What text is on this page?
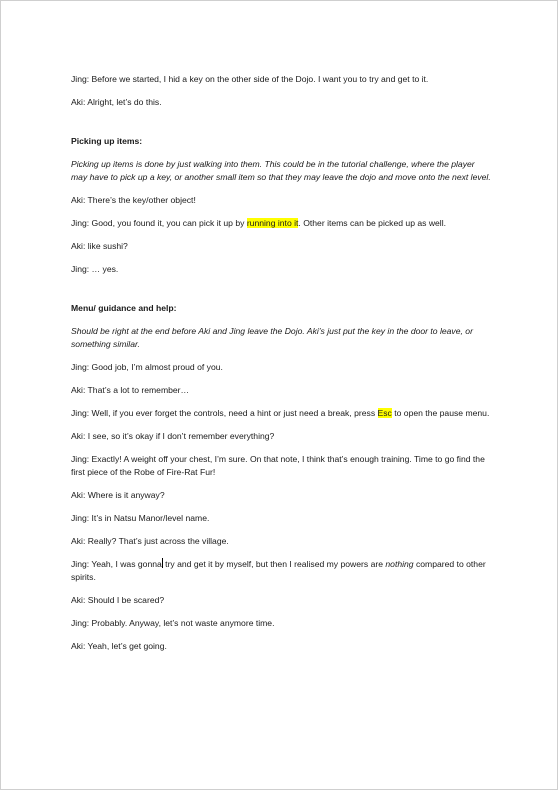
Jing: Before we started, I hid a key on the other side of the Dojo. I want you to try and get to it.

Aki: Alright, let’s do this.

Picking up items:

Picking up items is done by just walking into them. This could be in the tutorial challenge, where the player may have to pick up a key, or another small item so that they may leave the dojo and move onto the next level.

Aki: There’s the key/other object!

Jing: Good, you found it, you can pick it up by running into it. Other items can be picked up as well.

Aki: like sushi?

Jing: … yes.

Menu/ guidance and help:

Should be right at the end before Aki and Jing leave the Dojo. Aki’s just put the key in the door to leave, or something similar.

Jing: Good job, I’m almost proud of you.

Aki: That’s a lot to remember…

Jing: Well, if you ever forget the controls, need a hint or just need a break, press Esc to open the pause menu.

Aki: I see, so it’s okay if I don’t remember everything?

Jing: Exactly! A weight off your chest, I’m sure. On that note, I think that’s enough training. Time to go find the first piece of the Robe of Fire-Rat Fur!

Aki: Where is it anyway?

Jing: It’s in Natsu Manor/level name.

Aki: Really? That’s just across the village.

Jing: Yeah, I was gonna try and get it by myself, but then I realised my powers are nothing compared to other spirits.

Aki: Should I be scared?

Jing: Probably. Anyway, let’s not waste anymore time.

Aki: Yeah, let’s get going.
